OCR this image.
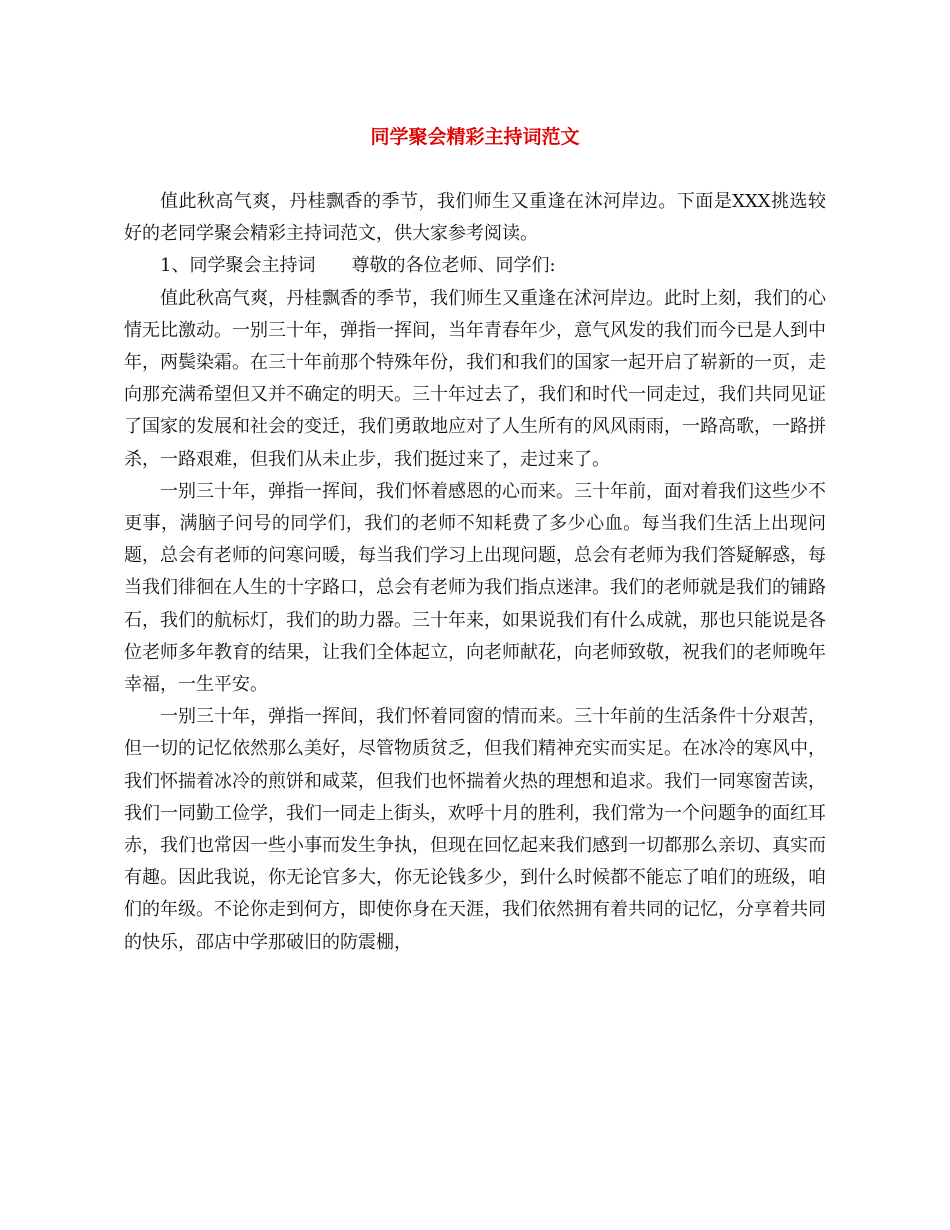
同学聚会精彩主持词范文

值此秋高气爽，丹桂飘香的季节，我们师生又重逢在沐河岸边。下面是XXX挑选较好的老同学聚会精彩主持词范文，供大家参考阅读。

1、同学聚会主持词 尊敬的各位老师、同学们:

值此秋高气爽，丹桂飘香的季节，我们师生又重逢在沭河岸边。此时上刻，我们的心情无比激动。一别三十年，弹指一挥间，当年青春年少，意气风发的我们而今已是人到中年，两鬓染霜。在三十年前那个特殊年份，我们和我们的国家一起开启了崭新的一页，走向那充满希望但又并不确定的明天。三十年过去了，我们和时代一同走过，我们共同见证了国家的发展和社会的变迁，我们勇敢地应对了人生所有的风风雨雨，一路高歌，一路拼杀，一路艰难，但我们从未止步，我们挺过来了，走过来了。

一别三十年，弹指一挥间，我们怀着感恩的心而来。三十年前，面对着我们这些少不更事，满脑子问号的同学们，我们的老师不知耗费了多少心血。每当我们生活上出现问题，总会有老师的问寒问暖，每当我们学习上出现问题，总会有老师为我们答疑解惑，每当我们徘徊在人生的十字路口，总会有老师为我们指点迷津。我们的老师就是我们的铺路石，我们的航标灯，我们的助力器。三十年来，如果说我们有什么成就，那也只能说是各位老师多年教育的结果，让我们全体起立，向老师献花，向老师致敬，祝我们的老师晚年幸福，一生平安。

一别三十年，弹指一挥间，我们怀着同窗的情而来。三十年前的生活条件十分艰苦，但一切的记忆依然那么美好，尽管物质贫乏，但我们精神充实而实足。在冰冷的寒风中，我们怀揣着冰冷的煎饼和咸菜，但我们也怀揣着火热的理想和追求。我们一同寒窗苦读，我们一同勤工俭学，我们一同走上街头，欢呼十月的胜利，我们常为一个问题争的面红耳赤，我们也常因一些小事而发生争执，但现在回忆起来我们感到一切都那么亲切、真实而有趣。因此我说，你无论官多大，你无论钱多少，到什么时候都不能忘了咱们的班级，咱们的年级。不论你走到何方，即使你身在天涯，我们依然拥有着共同的记忆，分享着共同的快乐，邵店中学那破旧的防震棚，
